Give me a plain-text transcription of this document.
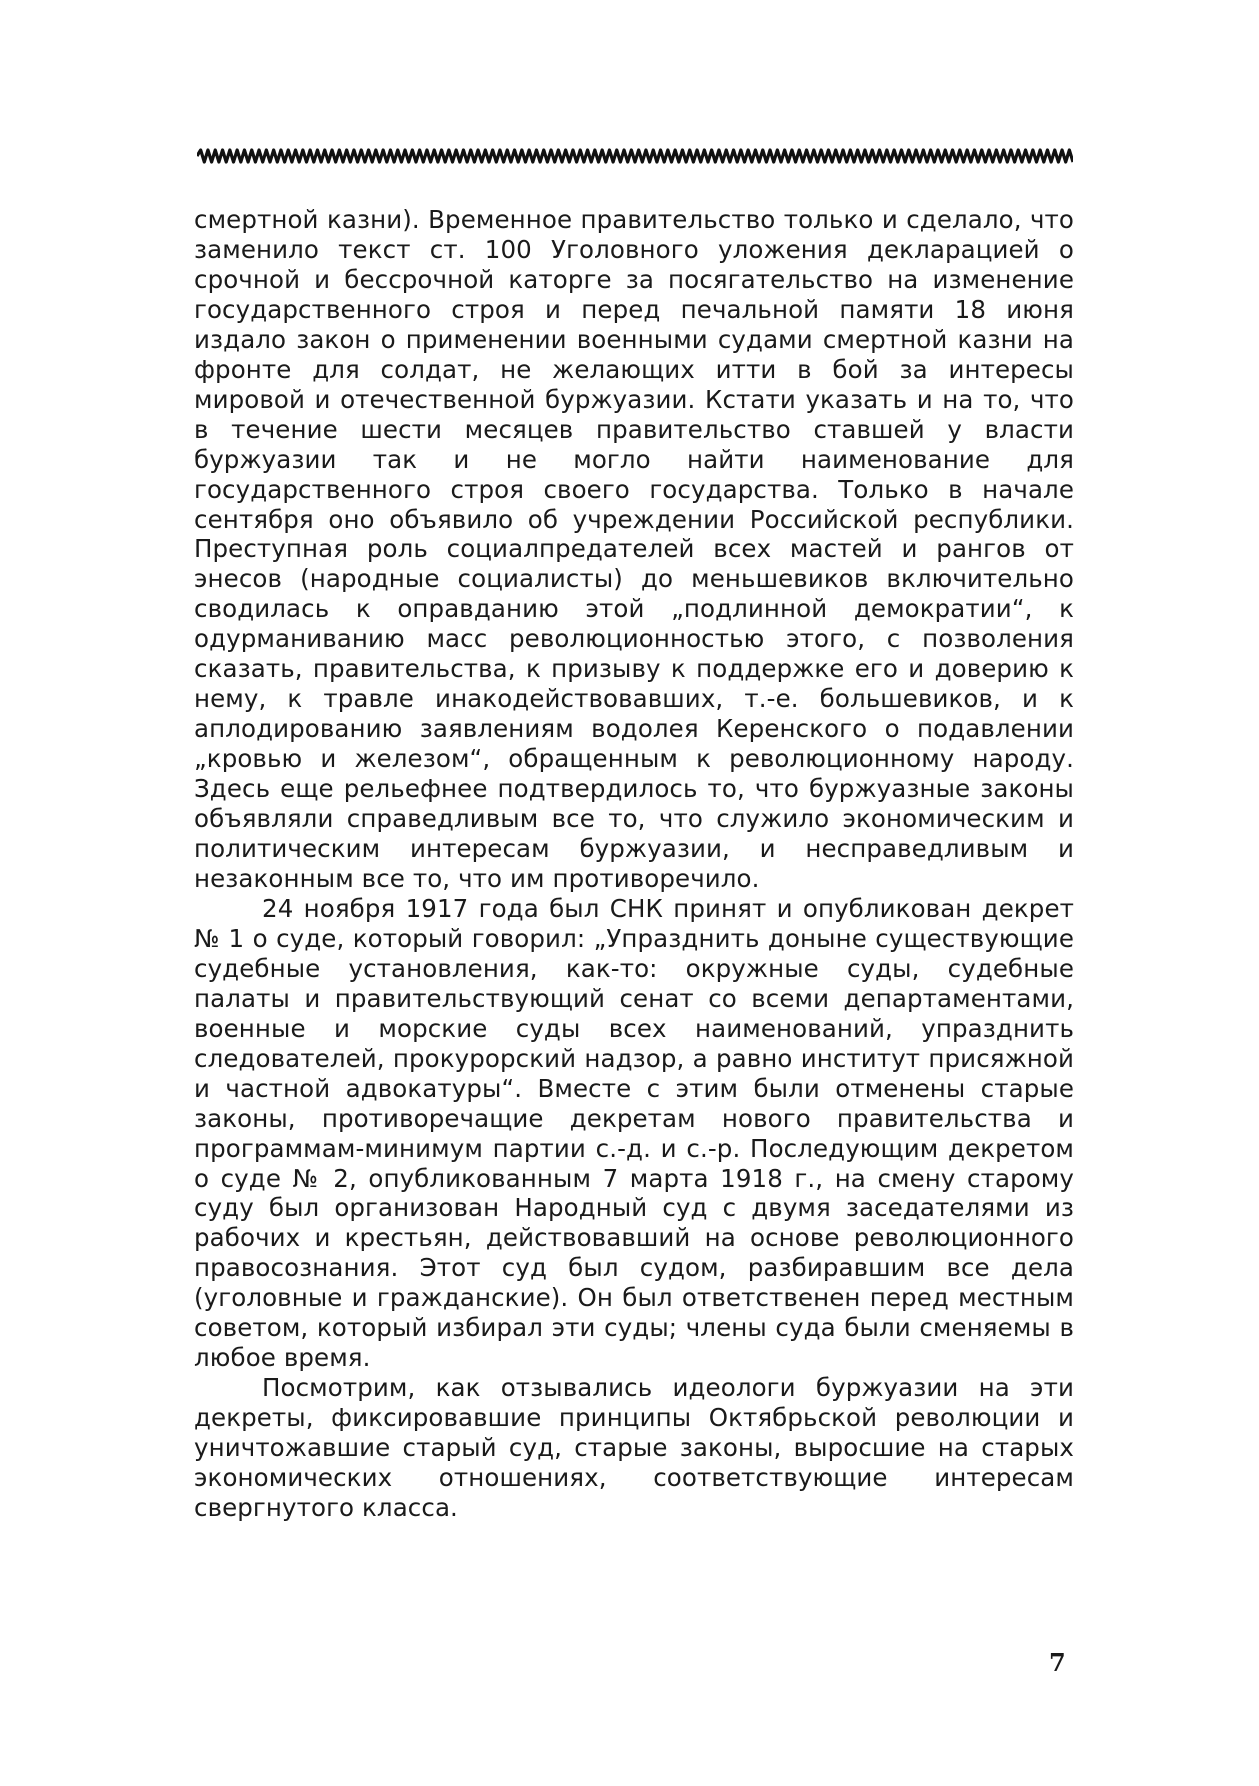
смертной казни). Временное правительство только и сделало, что заменило текст ст. 100 Уголовного уложения декларацией о срочной и бессрочной каторге за посягательство на изменение государственного строя и перед печальной памяти 18 июня издало закон о применении военными судами смертной казни на фронте для солдат, не желающих итти в бой за интересы мировой и отечественной буржуазии. Кстати указать и на то, что в течение шести месяцев правительство ставшей у власти буржуазии так и не могло найти наименование для государственного строя своего государства. Только в начале сентября оно объявило об учреждении Российской республики. Преступная роль социалпредателей всех мастей и рангов от энесов (народные социалисты) до меньшевиков включительно сводилась к оправданию этой „подлинной демократии“, к одурманиванию масс революционностью этого, с позволения сказать, правительства, к призыву к поддержке его и доверию к нему, к травле инакодействовавших, т.-е. большевиков, и к аплодированию заявлениям водолея Керенского о подавлении „кровью и железом“, обращенным к революционному народу. Здесь еще рельефнее подтвердилось то, что буржуазные законы объявляли справедливым все то, что служило экономическим и политическим интересам буржуазии, и несправедливым и незаконным все то, что им противоречило.

24 ноября 1917 года был СНК принят и опубликован декрет № 1 о суде, который говорил: „Упразднить доныне существующие судебные установления, как-то: окружные суды, судебные палаты и правительствующий сенат со всеми департаментами, военные и морские суды всех наименований, упразднить следователей, прокурорский надзор, а равно институт присяжной и частной адвокатуры“. Вместе с этим были отменены старые законы, противоречащие декретам нового правительства и программам-минимум партии с.-д. и с.-р. Последующим декретом о суде № 2, опубликованным 7 марта 1918 г., на смену старому суду был организован Народный суд с двумя заседателями из рабочих и крестьян, действовавший на основе революционного правосознания. Этот суд был судом, разбиравшим все дела (уголовные и гражданские). Он был ответственен перед местным советом, который избирал эти суды; члены суда были сменяемы в любое время.

Посмотрим, как отзывались идеологи буржуазии на эти декреты, фиксировавшие принципы Октябрьской революции и уничтожавшие старый суд, старые законы, выросшие на старых экономических отношениях, соответствующие интересам свергнутого класса.

7
